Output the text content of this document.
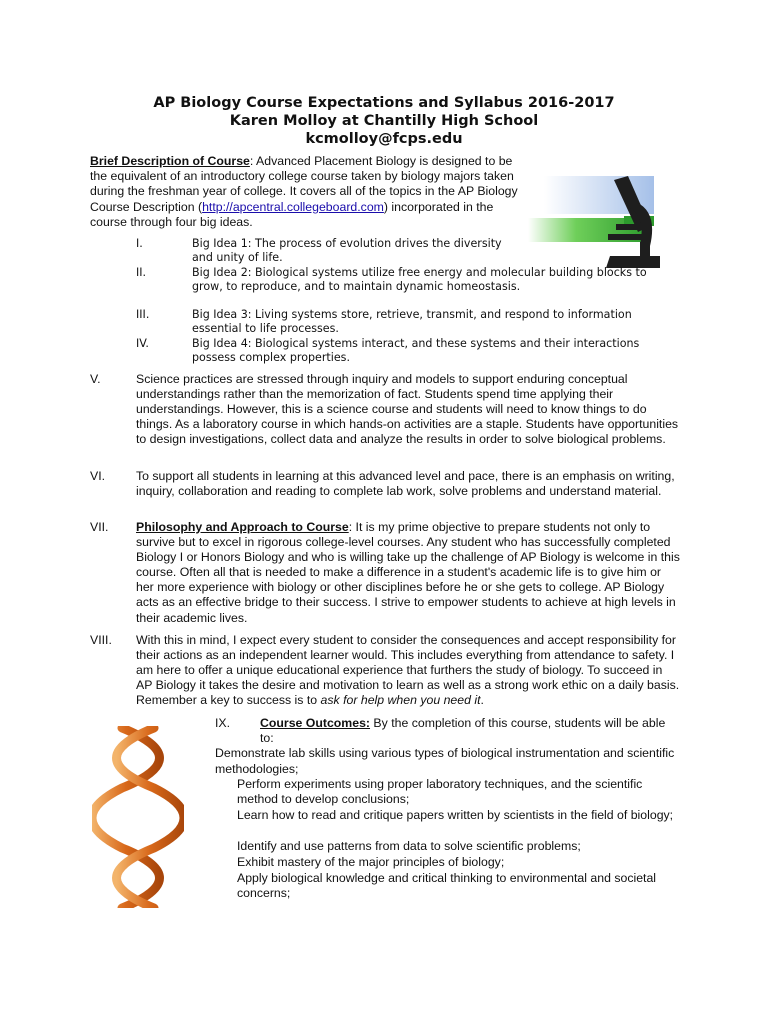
AP Biology Course Expectations and Syllabus 2016-2017
Karen Molloy at Chantilly High School
kcmolloy@fcps.edu
Brief Description of Course: Advanced Placement Biology is designed to be the equivalent of an introductory college course taken by biology majors taken during the freshman year of college. It covers all of the topics in the AP Biology Course Description (http://apcentral.collegeboard.com) incorporated in the course through four big ideas.
I.	Big Idea 1: The process of evolution drives the diversity and unity of life.
II.	Big Idea 2: Biological systems utilize free energy and molecular building blocks to grow, to reproduce, and to maintain dynamic homeostasis.
III.	Big Idea 3: Living systems store, retrieve, transmit, and respond to information essential to life processes.
IV.	Big Idea 4: Biological systems interact, and these systems and their interactions possess complex properties.
V.	Science practices are stressed through inquiry and models to support enduring conceptual understandings rather than the memorization of fact. Students spend time applying their understandings. However, this is a science course and students will need to know things to do things. As a laboratory course in which hands-on activities are a staple. Students have opportunities to design investigations, collect data and analyze the results in order to solve biological problems.
VI.	To support all students in learning at this advanced level and pace, there is an emphasis on writing, inquiry, collaboration and reading to complete lab work, solve problems and understand material.
VII.	Philosophy and Approach to Course: It is my prime objective to prepare students not only to survive but to excel in rigorous college-level courses. Any student who has successfully completed Biology I or Honors Biology and who is willing take up the challenge of AP Biology is welcome in this course. Often all that is needed to make a difference in a student's academic life is to give him or her more experience with biology or other disciplines before he or she gets to college. AP Biology acts as an effective bridge to their success. I strive to empower students to achieve at high levels in their academic lives.
VIII.	With this in mind, I expect every student to consider the consequences and accept responsibility for their actions as an independent learner would. This includes everything from attendance to safety. I am here to offer a unique educational experience that furthers the study of biology. To succeed in AP Biology it takes the desire and motivation to learn as well as a strong work ethic on a daily basis. Remember a key to success is to ask for help when you need it.
IX. Course Outcomes: By the completion of this course, students will be able to:
Demonstrate lab skills using various types of biological instrumentation and scientific methodologies;
Perform experiments using proper laboratory techniques, and the scientific method to develop conclusions;
Learn how to read and critique papers written by scientists in the field of biology;
Identify and use patterns from data to solve scientific problems;
Exhibit mastery of the major principles of biology;
Apply biological knowledge and critical thinking to environmental and societal concerns;
